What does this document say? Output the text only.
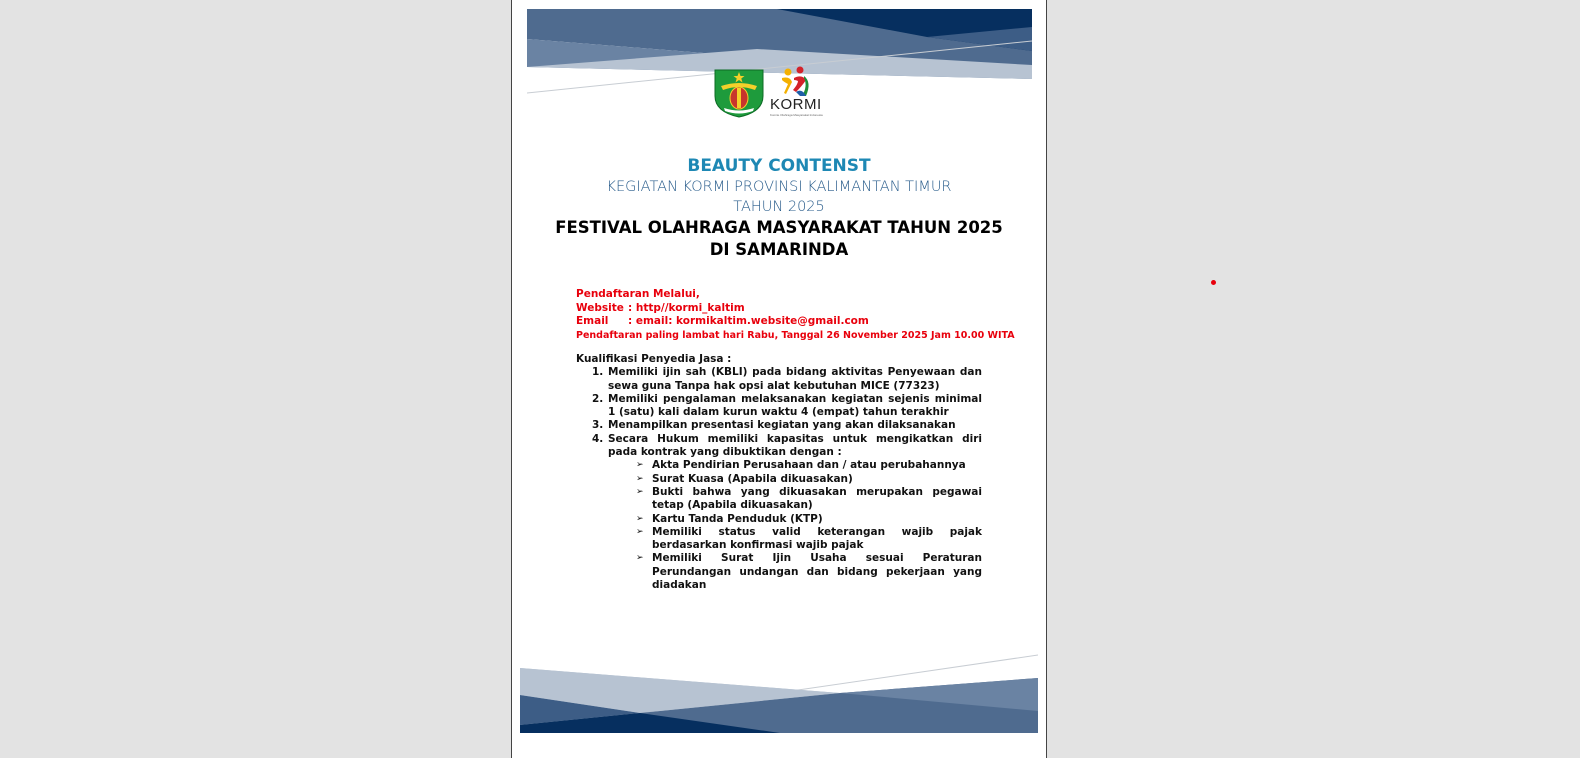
KORMI
Komite Olahraga Masyarakat Indonesia
BEAUTY CONTENST
KEGIATAN KORMI PROVINSI KALIMANTAN TIMUR
TAHUN 2025
FESTIVAL OLAHRAGA MASYARAKAT TAHUN 2025
DI SAMARINDA
Pendaftaran Melalui,
Website : http//kormi_kaltim
Email : email: kormikaltim.website@gmail.com
Pendaftaran paling lambat hari Rabu, Tanggal 26 November 2025 Jam 10.00 WITA
Kualifikasi Penyedia Jasa :
1. Memiliki ijin sah (KBLI) pada bidang aktivitas Penyewaan dan sewa guna Tanpa hak opsi alat kebutuhan MICE (77323)
2. Memiliki pengalaman melaksanakan kegiatan sejenis minimal 1 (satu) kali dalam kurun waktu 4 (empat) tahun terakhir
3. Menampilkan presentasi kegiatan yang akan dilaksanakan
4. Secara Hukum memiliki kapasitas untuk mengikatkan diri pada kontrak yang dibuktikan dengan :
➢ Akta Pendirian Perusahaan dan / atau perubahannya
➢ Surat Kuasa (Apabila dikuasakan)
➢ Bukti bahwa yang dikuasakan merupakan pegawai tetap (Apabila dikuasakan)
➢ Kartu Tanda Penduduk (KTP)
➢ Memiliki status valid keterangan wajib pajak berdasarkan konfirmasi wajib pajak
➢ Memiliki Surat Ijin Usaha sesuai Peraturan Perundangan undangan dan bidang pekerjaan yang diadakan
